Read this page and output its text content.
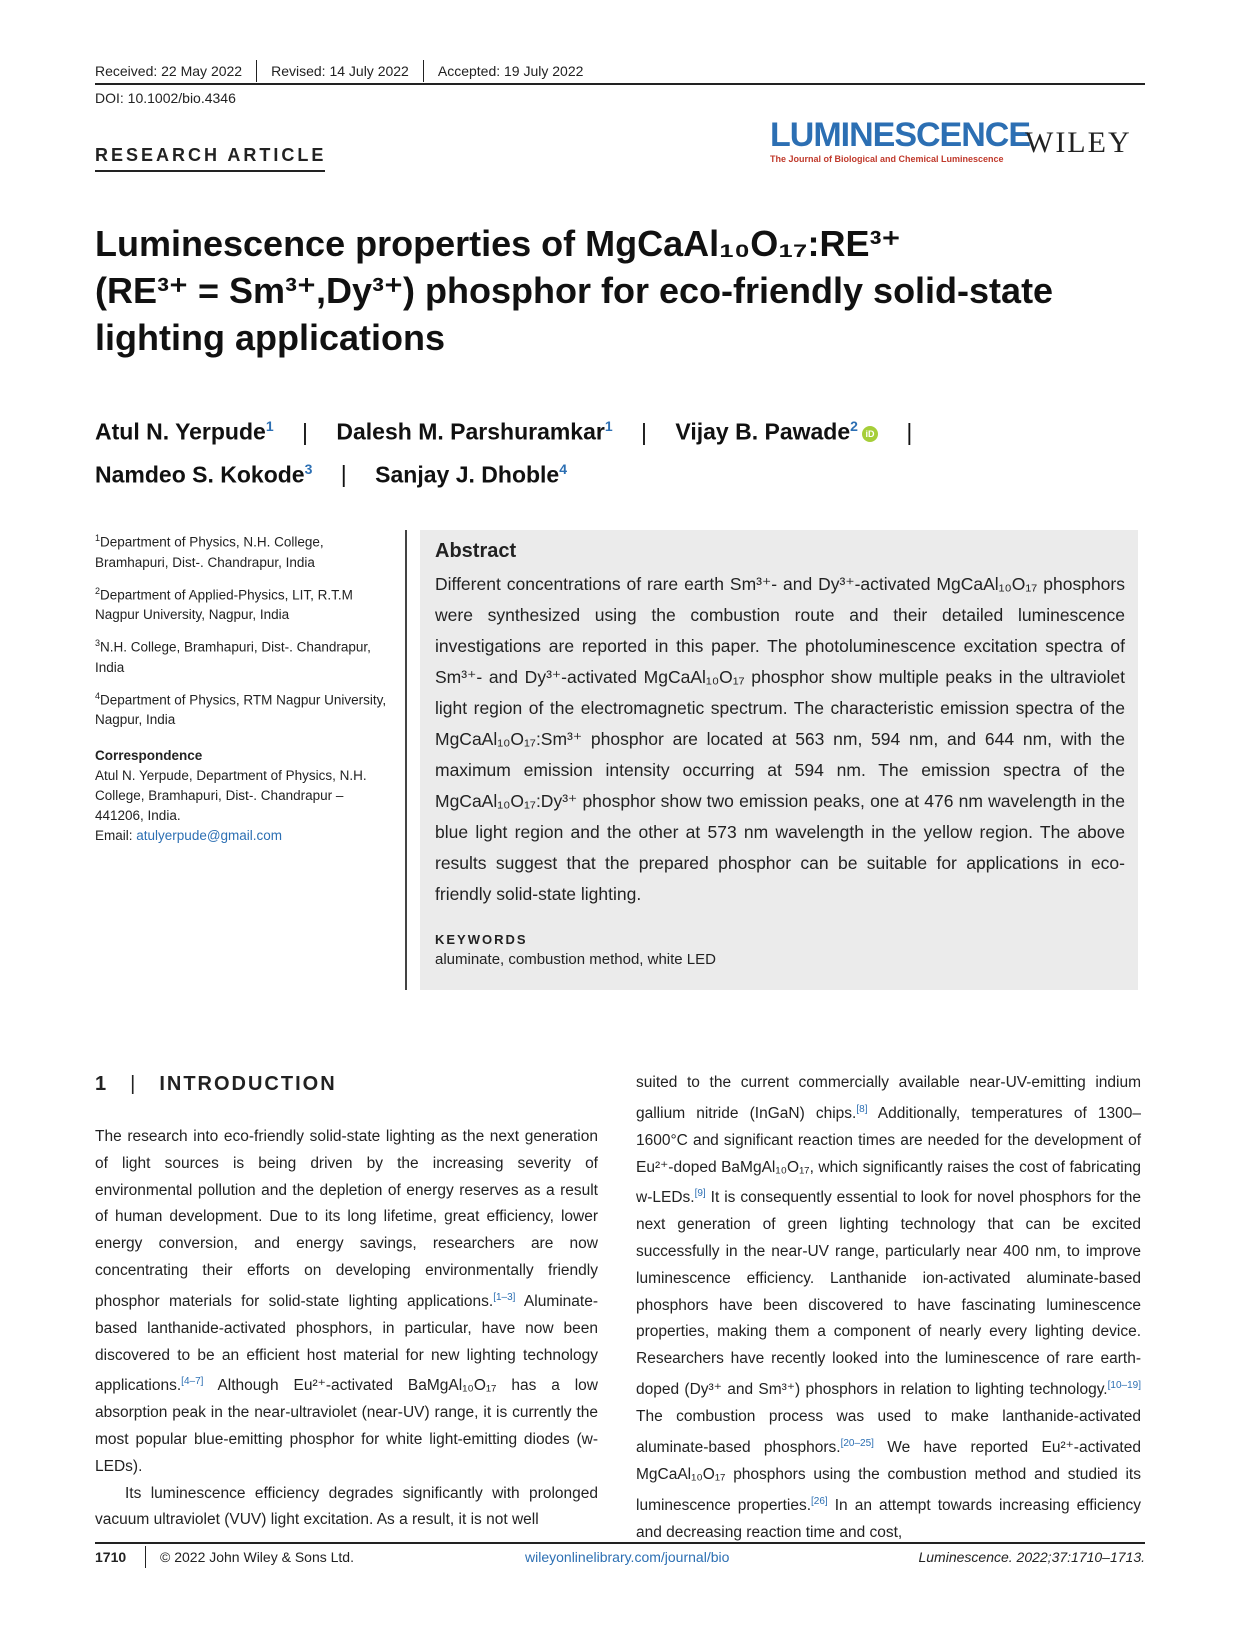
Received: 22 May 2022 Revised: 14 July 2022 Accepted: 19 July 2022
DOI: 10.1002/bio.4346
RESEARCH ARTICLE
LUMINESCENCE
The Journal of Biological and Chemical Luminescence WILEY
Luminescence properties of MgCaAl₁₀O₁₇:RE³⁺
(RE³⁺ = Sm³⁺,Dy³⁺) phosphor for eco-friendly solid-state
lighting applications
Atul N. Yerpude$^1$ | Dalesh M. Parshuramkar$^1$ | Vijay B. Pawade$^2$ iD |
Namdeo S. Kokode$^3$ | Sanjay J. Dhoble$^4$

$^1$Department of Physics, N.H. College, Bramhapuri, Dist-. Chandrapur, India

$^2$Department of Applied-Physics, LIT, R.T.M Nagpur University, Nagpur, India

$^3$N.H. College, Bramhapuri, Dist-. Chandrapur, India

$^4$Department of Physics, RTM Nagpur University, Nagpur, India

Correspondence
Atul N. Yerpude, Department of Physics, N.H. College, Bramhapuri, Dist-. Chandrapur – 441206, India.
Email: atulyerpude@gmail.com
Abstract
Different concentrations of rare earth Sm³⁺- and Dy³⁺-activated MgCaAl₁₀O₁₇ phosphors were synthesized using the combustion route and their detailed luminescence investigations are reported in this paper. The photoluminescence excitation spectra of Sm³⁺- and Dy³⁺-activated MgCaAl₁₀O₁₇ phosphor show multiple peaks in the ultraviolet light region of the electromagnetic spectrum. The characteristic emission spectra of the MgCaAl₁₀O₁₇:Sm³⁺ phosphor are located at 563 nm, 594 nm, and 644 nm, with the maximum emission intensity occurring at 594 nm. The emission spectra of the MgCaAl₁₀O₁₇:Dy³⁺ phosphor show two emission peaks, one at 476 nm wavelength in the blue light region and the other at 573 nm wavelength in the yellow region. The above results suggest that the prepared phosphor can be suitable for applications in eco-friendly solid-state lighting.
KEYWORDS
aluminate, combustion method, white LED
1 | INTRODUCTION

The research into eco-friendly solid-state lighting as the next generation of light sources is being driven by the increasing severity of environmental pollution and the depletion of energy reserves as a result of human development. Due to its long lifetime, great efficiency, lower energy conversion, and energy savings, researchers are now concentrating their efforts on developing environmentally friendly phosphor materials for solid-state lighting applications.[1–3] Aluminate-based lanthanide-activated phosphors, in particular, have now been discovered to be an efficient host material for new lighting technology applications.[4–7] Although Eu²⁺-activated BaMgAl₁₀O₁₇ has a low absorption peak in the near-ultraviolet (near-UV) range, it is currently the most popular blue-emitting phosphor for white light-emitting diodes (w-LEDs).

Its luminescence efficiency degrades significantly with prolonged vacuum ultraviolet (VUV) light excitation. As a result, it is not well

suited to the current commercially available near-UV-emitting indium gallium nitride (InGaN) chips.[8] Additionally, temperatures of 1300–1600°C and significant reaction times are needed for the development of Eu²⁺-doped BaMgAl₁₀O₁₇, which significantly raises the cost of fabricating w-LEDs.[9] It is consequently essential to look for novel phosphors for the next generation of green lighting technology that can be excited successfully in the near-UV range, particularly near 400 nm, to improve luminescence efficiency. Lanthanide ion-activated aluminate-based phosphors have been discovered to have fascinating luminescence properties, making them a component of nearly every lighting device. Researchers have recently looked into the luminescence of rare earth-doped (Dy³⁺ and Sm³⁺) phosphors in relation to lighting technology.[10–19] The combustion process was used to make lanthanide-activated aluminate-based phosphors.[20–25] We have reported Eu²⁺-activated MgCaAl₁₀O₁₇ phosphors using the combustion method and studied its luminescence properties.[26] In an attempt towards increasing efficiency and decreasing reaction time and cost,

1710 © 2022 John Wiley & Sons Ltd.	wileyonlinelibrary.com/journal/bio	Luminescence. 2022;37:1710–1713.
